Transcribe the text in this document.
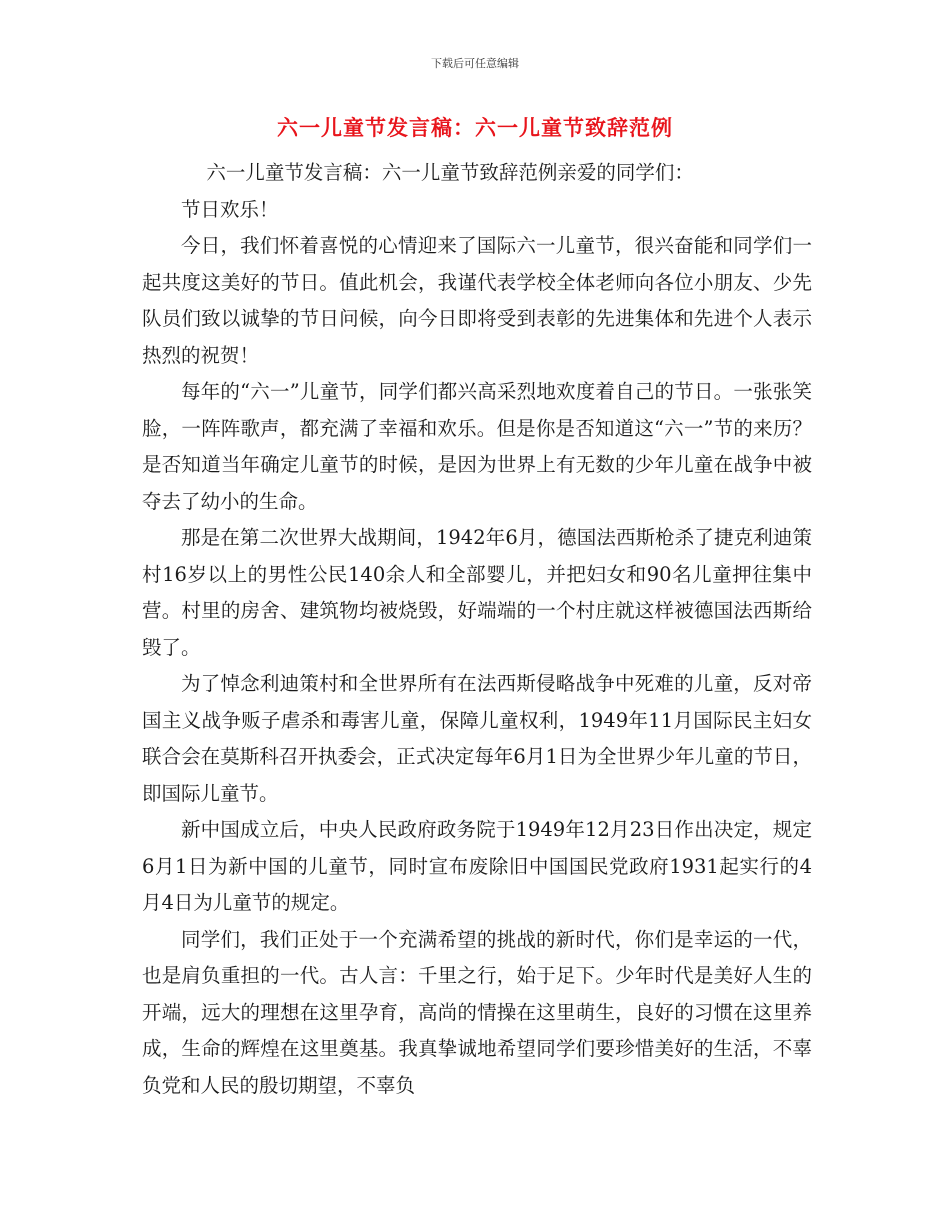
下载后可任意编辑
六一儿童节发言稿：六一儿童节致辞范例

六一儿童节发言稿：六一儿童节致辞范例亲爱的同学们：

节日欢乐！

今日，我们怀着喜悦的心情迎来了国际六一儿童节，很兴奋能和同学们一起共度这美好的节日。值此机会，我谨代表学校全体老师向各位小朋友、少先队员们致以诚挚的节日问候，向今日即将受到表彰的先进集体和先进个人表示热烈的祝贺！

每年的“六一”儿童节，同学们都兴高采烈地欢度着自己的节日。一张张笑脸，一阵阵歌声，都充满了幸福和欢乐。但是你是否知道这“六一”节的来历？是否知道当年确定儿童节的时候，是因为世界上有无数的少年儿童在战争中被夺去了幼小的生命。

那是在第二次世界大战期间，1942年6月，德国法西斯枪杀了捷克利迪策村16岁以上的男性公民140余人和全部婴儿，并把妇女和90名儿童押往集中营。村里的房舍、建筑物均被烧毁，好端端的一个村庄就这样被德国法西斯给毁了。

为了悼念利迪策村和全世界所有在法西斯侵略战争中死难的儿童，反对帝国主义战争贩子虐杀和毒害儿童，保障儿童权利，1949年11月国际民主妇女联合会在莫斯科召开执委会，正式决定每年6月1日为全世界少年儿童的节日，即国际儿童节。

新中国成立后，中央人民政府政务院于1949年12月23日作出决定，规定6月1日为新中国的儿童节，同时宣布废除旧中国国民党政府1931起实行的4月4日为儿童节的规定。

同学们，我们正处于一个充满希望的挑战的新时代，你们是幸运的一代，也是肩负重担的一代。古人言：千里之行，始于足下。少年时代是美好人生的开端，远大的理想在这里孕育，高尚的情操在这里萌生，良好的习惯在这里养成，生命的辉煌在这里奠基。我真挚诚地希望同学们要珍惜美好的生活，不辜负党和人民的殷切期望，不辜负
